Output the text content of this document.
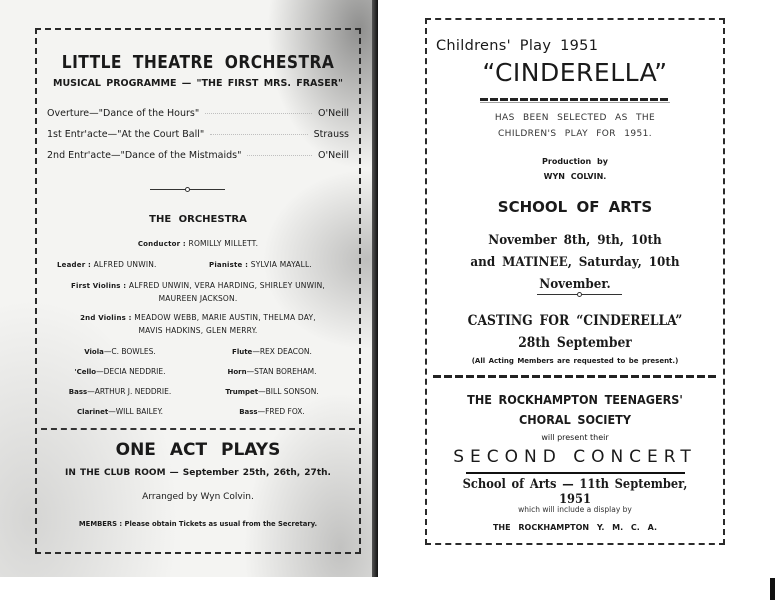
LITTLE THEATRE ORCHESTRA
MUSICAL PROGRAMME — "THE FIRST MRS. FRASER"
Overture—"Dance of the Hours"	O'Neill
1st Entr'acte—"At the Court Ball"	Strauss
2nd Entr'acte—"Dance of the Mistmaids"	O'Neill
THE ORCHESTRA
Conductor : ROMILLY MILLETT.
Leader : ALFRED UNWIN.	Pianiste : SYLVIA MAYALL.
First Violins : ALFRED UNWIN, VERA HARDING, SHIRLEY UNWIN,
MAUREEN JACKSON.
2nd Violins : MEADOW WEBB, MARIE AUSTIN, THELMA DAY,
MAVIS HADKINS, GLEN MERRY.
Viola—C. BOWLES.	Flute—REX DEACON.
'Cello—DECIA NEDDRIE.	Horn—STAN BOREHAM.
Bass—ARTHUR J. NEDDRIE.	Trumpet—BILL SONSON.
Clarinet—WILL BAILEY.	Bass—FRED FOX.
ONE ACT PLAYS
IN THE CLUB ROOM — September 25th, 26th, 27th.
Arranged by Wyn Colvin.
MEMBERS : Please obtain Tickets as usual from the Secretary.
Childrens' Play 1951
“CINDERELLA”
HAS BEEN SELECTED AS THE
CHILDREN'S PLAY FOR 1951.
Production by
WYN COLVIN.
SCHOOL OF ARTS
November 8th, 9th, 10th
and MATINEE, Saturday, 10th November.
CASTING FOR “CINDERELLA”
28th September
(All Acting Members are requested to be present.)
THE ROCKHAMPTON TEENAGERS'
CHORAL SOCIETY
will present their
SECOND CONCERT
School of Arts — 11th September, 1951
which will include a display by
THE ROCKHAMPTON Y. M. C. A.
